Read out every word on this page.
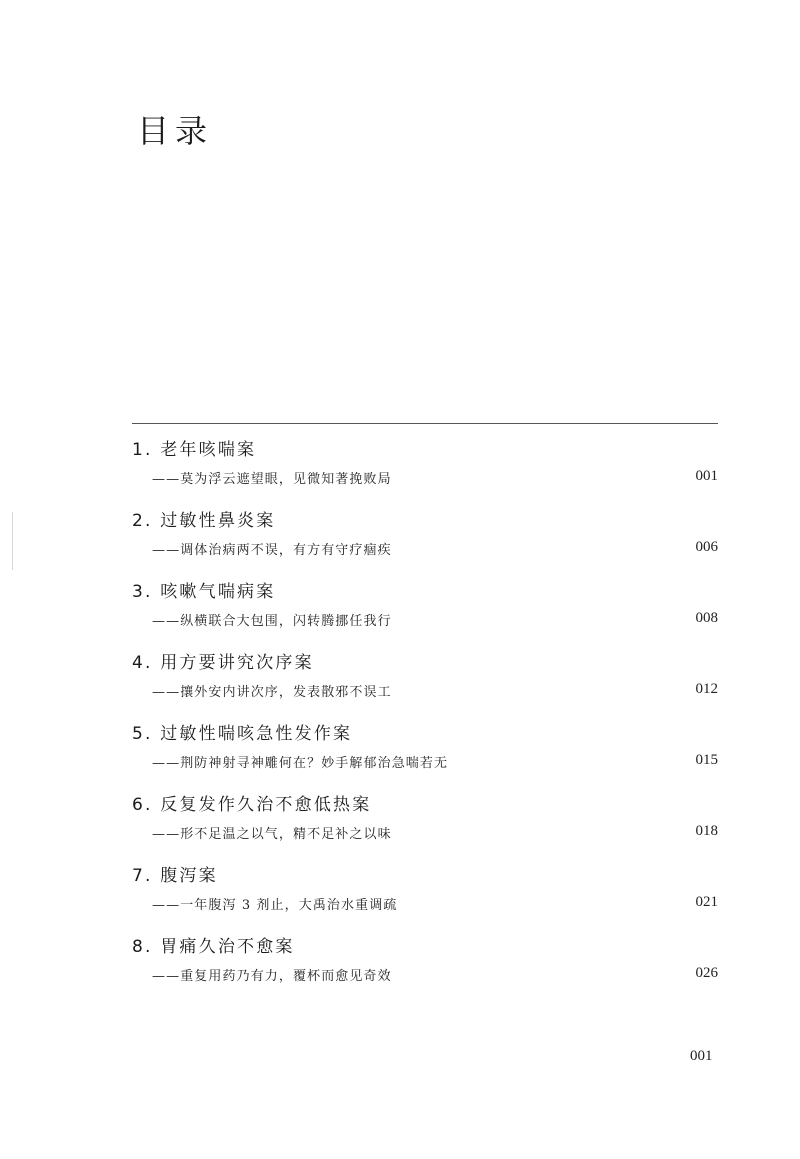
目录
1. 老年咳喘案
——莫为浮云遮望眼，见微知著挽败局	001
2. 过敏性鼻炎案
——调体治病两不误，有方有守疗痼疾	006
3. 咳嗽气喘病案
——纵横联合大包围，闪转腾挪任我行	008
4. 用方要讲究次序案
——攘外安内讲次序，发表散邪不误工	012
5. 过敏性喘咳急性发作案
——荆防神射寻神雕何在？妙手解郁治急喘若无	015
6. 反复发作久治不愈低热案
——形不足温之以气，精不足补之以味	018
7. 腹泻案
——一年腹泻 3 剂止，大禹治水重调疏	021
8. 胃痛久治不愈案
——重复用药乃有力，覆杯而愈见奇效	026
001
